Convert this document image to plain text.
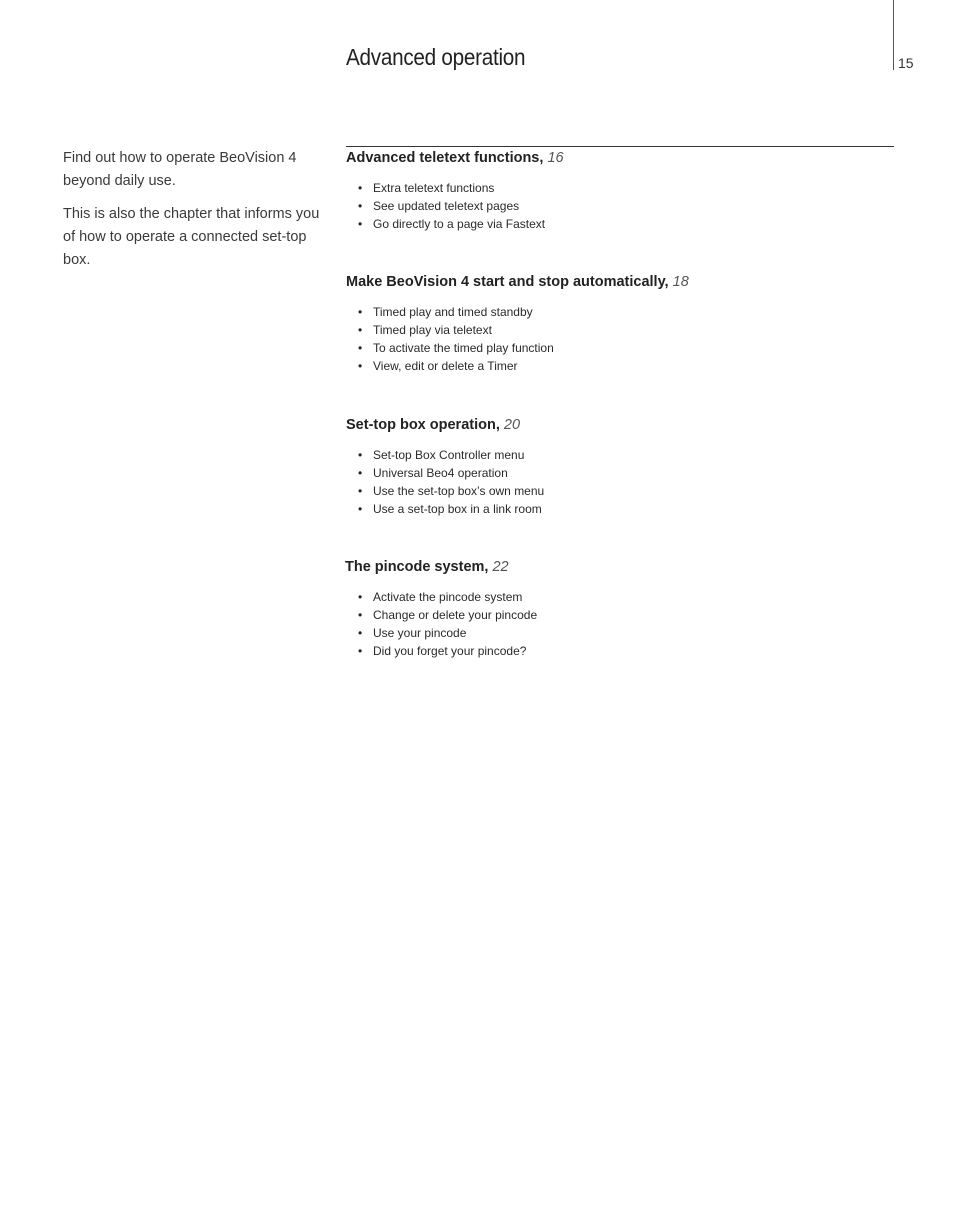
15
Advanced operation

Find out how to operate BeoVision 4 beyond daily use.

This is also the chapter that informs you of how to operate a connected set-top box.

Advanced teletext functions, 16
• Extra teletext functions
• See updated teletext pages
• Go directly to a page via Fastext
Make BeoVision 4 start and stop automatically, 18
• Timed play and timed standby
• Timed play via teletext
• To activate the timed play function
• View, edit or delete a Timer
Set-top box operation, 20
• Set-top Box Controller menu
• Universal Beo4 operation
• Use the set-top box’s own menu
• Use a set-top box in a link room
The pincode system, 22
• Activate the pincode system
• Change or delete your pincode
• Use your pincode
• Did you forget your pincode?
